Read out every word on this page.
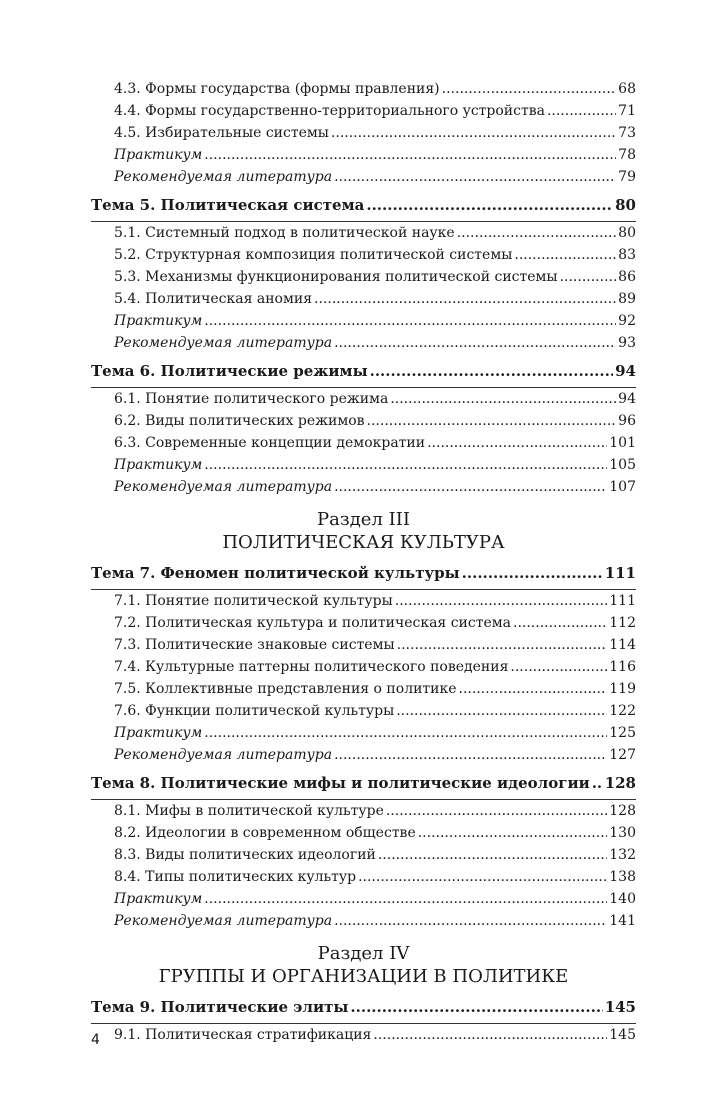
4.3. Формы государства (формы правления) .....	68
4.4. Формы государственно-территориального устройства .....	71
4.5. Избирательные системы .....	73
Практикум .....	78
Рекомендуемая литература .....	79
Тема 5. Политическая система .....	80
5.1. Системный подход в политической науке .....	80
5.2. Структурная композиция политической системы .....	83
5.3. Механизмы функционирования политической системы .....	86
5.4. Политическая аномия .....	89
Практикум .....	92
Рекомендуемая литература .....	93
Тема 6. Политические режимы .....	94
6.1. Понятие политического режима .....	94
6.2. Виды политических режимов .....	96
6.3. Современные концепции демократии .....	101
Практикум .....	105
Рекомендуемая литература .....	107
Раздел III
ПОЛИТИЧЕСКАЯ КУЛЬТУРА
Тема 7. Феномен политической культуры .....	111
7.1. Понятие политической культуры .....	111
7.2. Политическая культура и политическая система .....	112
7.3. Политические знаковые системы .....	114
7.4. Культурные паттерны политического поведения .....	116
7.5. Коллективные представления о политике .....	119
7.6. Функции политической культуры .....	122
Практикум .....	125
Рекомендуемая литература .....	127
Тема 8. Политические мифы и политические идеологии ..... 128
8.1. Мифы в политической культуре .....	128
8.2. Идеологии в современном обществе .....	130
8.3. Виды политических идеологий .....	132
8.4. Типы политических культур .....	138
Практикум .....	140
Рекомендуемая литература .....	141
Раздел IV
ГРУППЫ И ОРГАНИЗАЦИИ В ПОЛИТИКЕ
Тема 9. Политические элиты .....	145
9.1. Политическая стратификация .....	145
4
